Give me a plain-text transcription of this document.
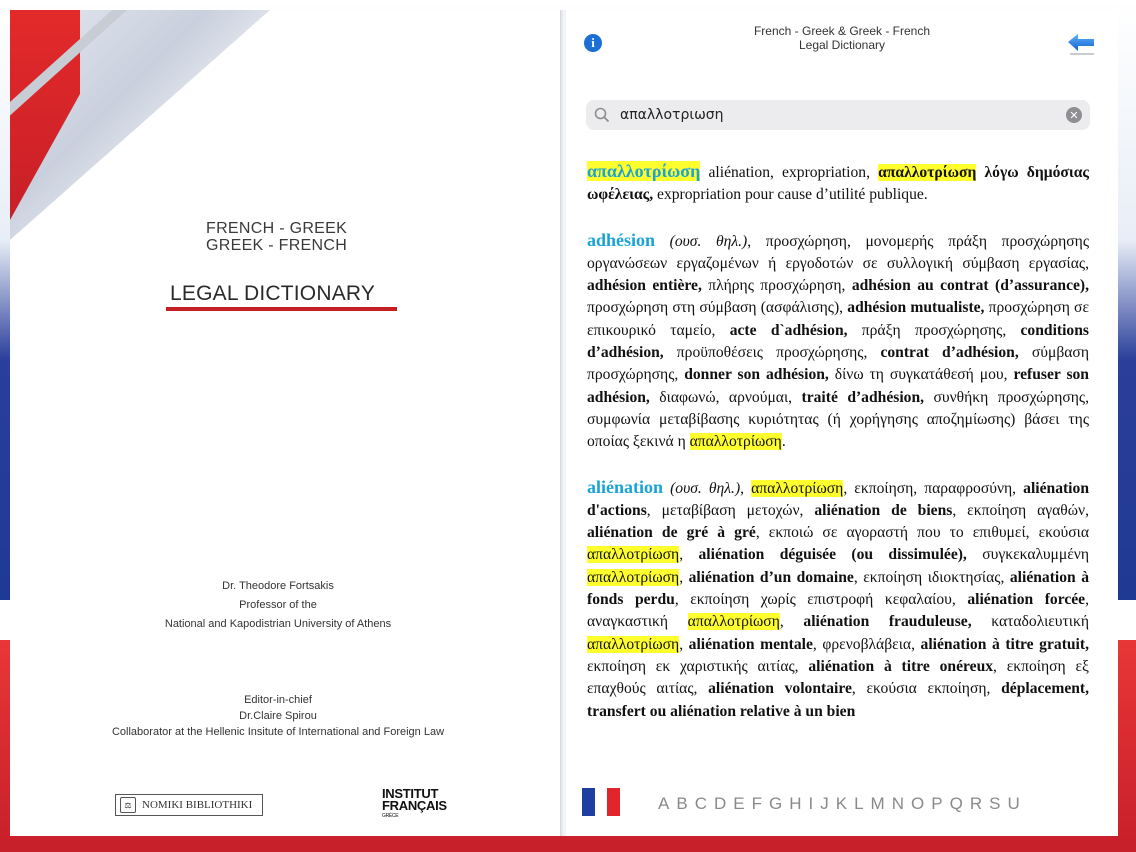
FRENCH - GREEK
GREEK - FRENCH
LEGAL DICTIONARY
Dr. Theodore Fortsakis
Professor of the
National and Kapodistrian University of Athens
Editor-in-chief
Dr.Claire Spirou
Collaborator at the Hellenic Insitute of International and Foreign Law
⚖ NOMIKI BIBLIOTHIKI
INSTITUT
FRANÇAIS
GRÈCE
i
French - Greek & Greek - French
Legal Dictionary
απαλλοτριωση
✕
απαλλοτρίωση aliénation, expropriation, απαλλοτρίωση λόγω δημόσιας ωφέλειας, expropriation pour cause d’utilité publique.
adhésion (ουσ. θηλ.), προσχώρηση, μονομερής πράξη προσχώρησης οργανώσεων εργαζομένων ή εργοδοτών σε συλλογική σύμβαση εργασίας, adhésion entière, πλήρης προσχώρηση, adhésion au contrat (d’assurance), προσχώρηση στη σύμβαση (ασφάλισης), adhésion mutualiste, προσχώρηση σε επικουρικό ταμείο, acte d`adhésion, πράξη προσχώρησης, conditions d’adhésion, προϋποθέσεις προσχώρησης, contrat d’adhésion, σύμβαση προσχώρησης, donner son adhésion, δίνω τη συγκατάθεσή μου, refuser son adhésion, διαφωνώ, αρνούμαι, traité d’adhésion, συνθήκη προσχώρησης, συμφωνία μεταβίβασης κυριότητας (ή χορήγησης αποζημίωσης) βάσει της οποίας ξεκινά η απαλλοτρίωση.
aliénation (ουσ. θηλ.), απαλλοτρίωση, εκποίηση, παραφροσύνη, aliénation d'actions, μεταβίβαση μετοχών, aliénation de biens, εκποίηση αγαθών, aliénation de gré à gré, εκποιώ σε αγοραστή που το επιθυμεί, εκούσια απαλλοτρίωση, aliénation déguisée (ou dissimulée), συγκεκαλυμμένη απαλλοτρίωση, aliénation d’un domaine, εκποίηση ιδιοκτησίας, aliénation à fonds perdu, εκποίηση χωρίς επιστροφή κεφαλαίου, aliénation forcée, αναγκαστική απαλλοτρίωση, aliénation frauduleuse, καταδολιευτική απαλλοτρίωση, aliénation mentale, φρενοβλάβεια, aliénation à titre gratuit, εκποίηση εκ χαριστικής αιτίας, aliénation à titre onéreux, εκποίηση εξ επαχθούς αιτίας, aliénation volontaire, εκούσια εκποίηση, déplacement, transfert ou aliénation relative à un bien
A B C D E F G H I J K L M N O P Q R S U
